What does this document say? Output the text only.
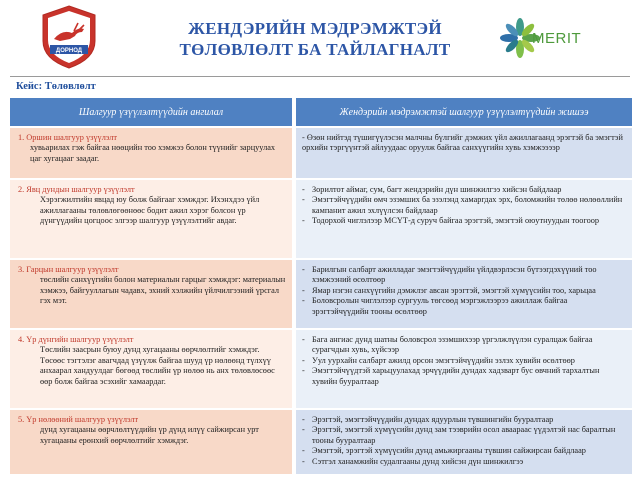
ДОРНОД
ЖЕНДЭРИЙН МЭДРЭМЖТЭЙ
ТӨЛӨВЛӨЛТ БА ТАЙЛАГНАЛТ
MERIT
Кейс: Төлөвлөлт
Шалгуур үзүүлэлтүүдийн ангилал	Жендэрийн мэдрэмжтэй шалгуур үзүүлэлтүүдийн жишээ
1. Оршин шалгуур үзүүлэлт
хувьарилах гэж байгаа нөөцийн тоо хэмжээ болон түүнийг зарцуулах цаг хугацааг заадаг.
- Өзөн нийтэд түшигүүлэсэн малчны бүлгийг дэмжих үйл ажиллагаанд эрэгтэй ба эмэгтэй орхийн тэргүүнтэй айлуудаас оруулж байгаа санхүүгийн хувь хэмжээээр
2. Явц дундын шалгуур үзүүлэлт
Хэрэгжилтийн явцад юу болж байгааг хэмждэг. Ихэнхдээ үйл ажиллагааны төлөвлөгөөнөөс бодит ажил хэрэг болсон үр дүнгүүдийн цогцоос элгээр шалгуур үзүүлэлтийг авдаг.
- Зорилтот аймаг, сум, багт жендэрийн дүн шинжилгээ хийсэн байдлаар
- Эмэгтэйчүүдийн өмч эзэмших ба эзэлэнд хамаргдах эрх, боломжийн төлөө нөлөөллийн кампанит ажил эхлүүлсэн байдлаар
- Тодорхой чиглэлээр МСҮТ-д суруч байгаа эрэгтэй, эмэгтэй оюутнуудын тоогоор
3. Гарцын шалгуур үзүүлэлт
төслийн санхүүгийн болон материалын гарцыг хэмждэг: материалын хэмжээ, байгууллагын чадавх, эхний хэлжийн үйлчилгээний үрсгал гэх мэт.
- Барилгын салбарт ажилладаг эмэгтэйчүүдийн үйлдвэрлэсэн бүтээгдэхүүний тоо хэмжээний өсөлтөөр
- Ямар нэгэн санхүүгийн дэмжлэг авсан эрэгтэй, эмэгтэй хүмүүсийн тоо, харьцаа
- Боловсролын чиглэлээр сургууль төгсөөд мэргэжлээрээ ажиллаж байгаа эрэгтэйчүүдийн тооны өсөлтөөр
4. Үр дүнгийн шалгуур үзүүлэлт
Төслийн заасрын буюу дунд хугацааны өөрчлөлтийг хэмждэг. Төсөөс тэгтэлэг авагчдад үзүүлж байгаа шууд үр нөлөөнд түлхүү анхаарал хандуулдаг бөгөөд төслийн үр нөлөө нь анх төлөвлөсөөс өөр болж байгаа эсэхийг хамаардаг.
- Бага ангиас дунд шатны боловсрол эзэмшихээр үргэлжлүүлэн суралцаж байгаа сурагчдын хувь, хүйсээр
- Уул уурхайн салбарт ажилд орсон эмэгтэйчүүдийн эзлэх хувийн өсөлтөөр
- Эмэгтэйчүүдтэй харьцуулахад эрчүүдийн дундах хадзварт бус өвчний тархалтын хувийн бууралтаар
5. Үр нөлөөний шалгуур үзүүлэлт
дунд хугацааны өөрчлөлтүүдийн үр дүнд илүү сайжирсан урт хугацааны ерөнхий өөрчлөлтийг хэмждэг.
- Эрэгтэй, эмэгтэйчүүдийн дундах ядуурлын түвшингийн бууралтаар
- Эрэгтэй, эмэгтэй хүмүүсийн дунд зам тээврийн осол аваараас үүдэлтэй нас баралтын тооны бууралтаар
- Эмэгтэй, эрэгтэй хүмүүсийн дунд амьжиргааны түвшин сайжирсан байдлаар
- Сэтгэл ханамжийн судалгааны дунд хийсэн дүн шинжилгээ
